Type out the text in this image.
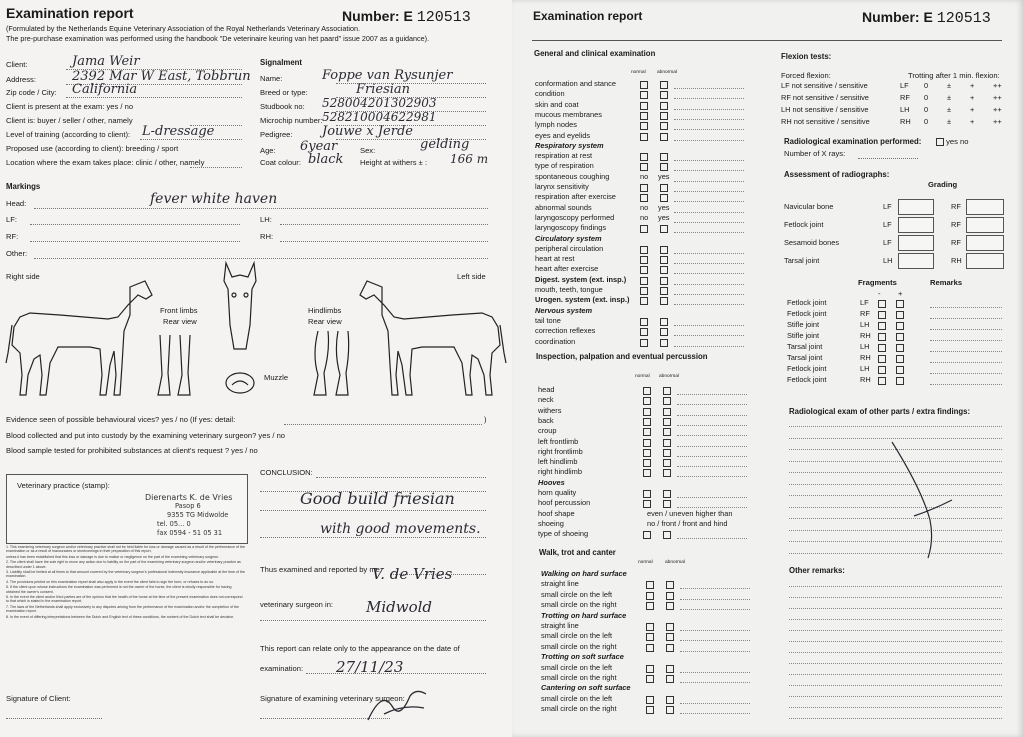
Examination report	Number: E 120513
(Formulated by the Netherlands Equine Veterinary Association of the Royal Netherlands Veterinary Association.
The pre-purchase examination was performed using the handbook "De veterinaire keuring van het paard" issue 2007 as a guidance).
Client:	Jama Weir
Address:	2392 Mar W East, Tobbrun
Zip code / City: California
Client is present at the exam: yes / no
Client is: buyer / seller / other, namely
Level of training (according to client): L-dressage
Proposed use (according to client): breeding / sport
Location where the exam takes place: clinic / other, namely
Signalment
Name:	Foppe van Rysunjer
Breed or type:	Friesian
Studbook no: 528004201302903
Microchip number: 528210004622981
Pedigree: Jouwe x Jerde
Age: 6year	Sex:	gelding
Coat colour: black Height at withers ± : 166 m
Markings
Head:	fever white haven
LF:	LH:
RF:	RH:
Other:
Right side	Left side
Front limbs
Rear view
Hindlimbs
Rear view
Muzzle
Evidence seen of possible behavioural vices? yes / no (If yes: detail:	)
Blood collected and put into custody by the examining veterinary surgeon? yes / no
Blood sample tested for prohibited substances at client's request ? yes / no
Veterinary practice (stamp):
Dierenarts K. de Vries
Pasop 6
9355 TG Midwolde
tel. 05... 0
fax 0594 - 51 05 31
CONCLUSION:
Good build friesian
with good movements.
1. This examining veterinary surgeon and/or veterinary practice shall not be held liable for loss or damage caused as a result of the performance of the examination or as a result of inaccuracies or shortcomings in their preparation of this report,
unless it has been established that this loss or damage is due to malice or negligence on the part of the examining veterinary surgeon.
2. The client shall have the sole right to move any action due to liability on the part of the examining veterinary surgeon and/or veterinary practice as described under 1 above.
3. Liability shall be limited at all times to that amount covered by the veterinary surgeon's professional indemnity insurance applicable at the time of the examination.
4. The provisions printed on this examination report shall also apply in the event the client fails to sign the form, or refuses to do so.
5. If the client upon whose instructions the examination was performed is not the owner of the horse, the client is wholly responsible for having obtained the owner's consent.
6. In the event the client and/or third parties are of the opinion that the health of the horse at the time of the present examination does not correspond to that which is stated in the examination report,
7. The laws of the Netherlands shall apply exclusively to any disputes arising from the performance of the examination and/or the completion of the examination report.
8. In the event of differing interpretations between the Dutch and English text of these conditions, the content of the Dutch text shall be decisive.
Thus examined and reported by me:
V. de Vries
veterinary surgeon in: Midwold
This report can relate only to the appearance on the date of
examination: 27/11/23
Signature of Client:	Signature of examining veterinary surgeon:
Examination report	Number: E 120513
General and clinical examination
normal abnormal
conformation and stance
condition
skin and coat
mucous membranes
lymph nodes
eyes and eyelids
Respiratory system
respiration at rest
type of respiration
spontaneous coughing	no yes
larynx sensitivity
respiration after exercise
abnormal sounds	no yes
laryngoscopy performed	no yes
laryngoscopy findings
Circulatory system
peripheral circulation
heart at rest
heart after exercise
Digest. system (ext. insp.)
mouth, teeth, tongue
Urogen. system (ext. insp.)
Nervous system
tail tone
correction reflexes
coordination
Inspection, palpation and eventual percussion
normal abnormal
head
neck
withers
back
croup
left frontlimb
right frontlimb
left hindlimb
right hindlimb
Hooves
horn quality
hoof percussion
hoof shape	even / uneven higher than
shoeing	no / front / front and hind
type of shoeing
Walk, trot and canter
normal	abnormal
Walking on hard surface
straight line
small circle on the left
small circle on the right
Trotting on hard surface
straight line
small circle on the left
small circle on the right
Trotting on soft surface
small circle on the left
small circle on the right
Cantering on soft surface
small circle on the left
small circle on the right
Flexion tests:
Forced flexion:	Trotting after 1 min. flexion:
LF not sensitive / sensitive	LF 0	±	+	++
RF not sensitive / sensitive	RF 0	±	+	++
LH not sensitive / sensitive	LH 0	±	+	++
RH not sensitive / sensitive	RH 0	±	+	++
Radiological examination performed:	yes no
Number of X rays:
Assessment of radiographs:
Grading
Navicular bone	LF	RF
Fetlock joint	LF	RF
Sesamoid bones	LF	RF
Tarsal joint	LH	RH
Fragments	Remarks
- +
Fetlock joint	LF
Fetlock joint	RF
Stifle joint	LH
Stifle joint	RH
Tarsal joint	LH
Tarsal joint	RH
Fetlock joint	LH
Fetlock joint	RH
Radiological exam of other parts / extra findings:
Other remarks:
